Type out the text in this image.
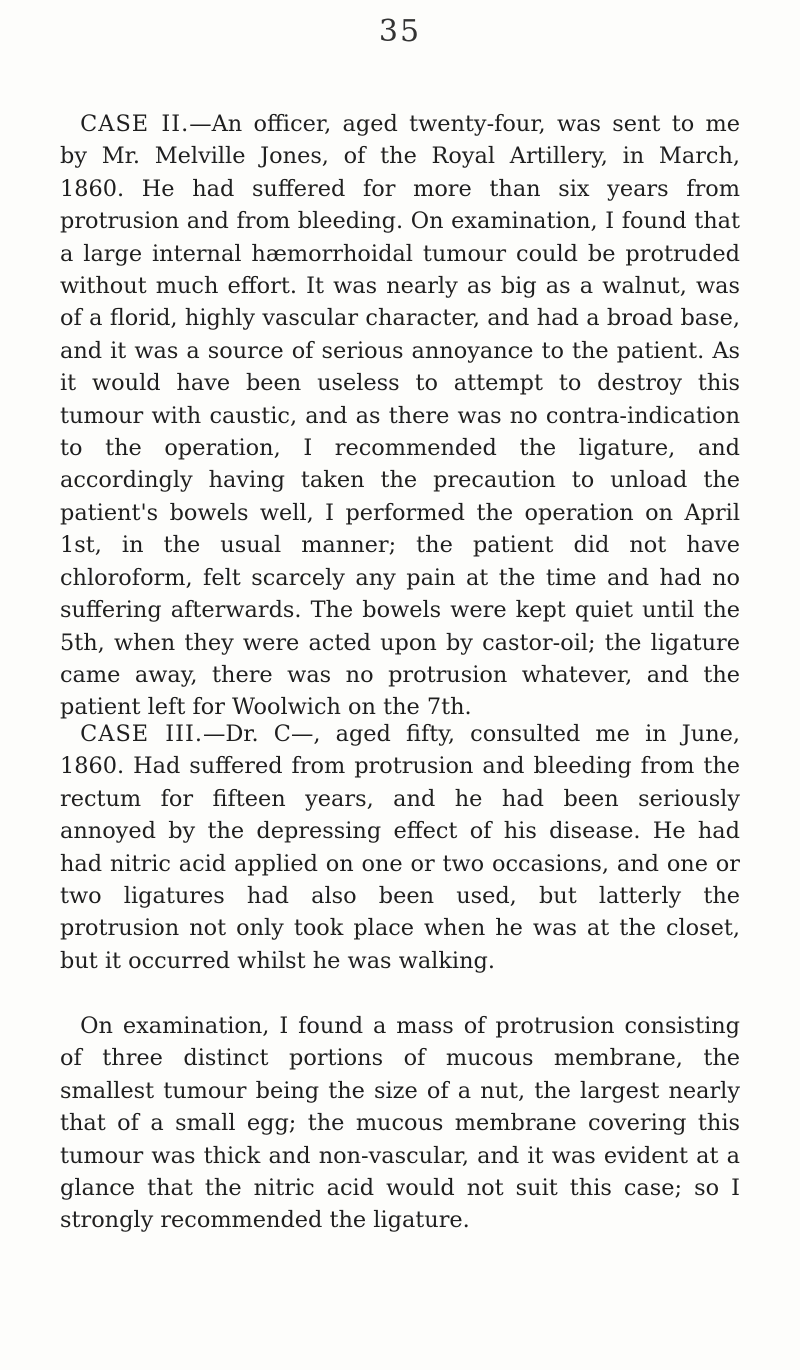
35

CASE II.—An officer, aged twenty-four, was sent to me by Mr. Melville Jones, of the Royal Artillery, in March, 1860. He had suffered for more than six years from protrusion and from bleeding. On examination, I found that a large internal hæmorrhoidal tumour could be protruded without much effort. It was nearly as big as a walnut, was of a florid, highly vascular character, and had a broad base, and it was a source of serious annoyance to the patient. As it would have been useless to attempt to destroy this tumour with caustic, and as there was no contra-indication to the operation, I recommended the ligature, and accordingly having taken the precaution to unload the patient's bowels well, I performed the operation on April 1st, in the usual manner; the patient did not have chloroform, felt scarcely any pain at the time and had no suffering afterwards. The bowels were kept quiet until the 5th, when they were acted upon by castor-oil; the ligature came away, there was no protrusion whatever, and the patient left for Woolwich on the 7th.

CASE III.—Dr. C—, aged fifty, consulted me in June, 1860. Had suffered from protrusion and bleeding from the rectum for fifteen years, and he had been seriously annoyed by the depressing effect of his disease. He had had nitric acid applied on one or two occasions, and one or two ligatures had also been used, but latterly the protrusion not only took place when he was at the closet, but it occurred whilst he was walking.

On examination, I found a mass of protrusion consisting of three distinct portions of mucous membrane, the smallest tumour being the size of a nut, the largest nearly that of a small egg; the mucous membrane covering this tumour was thick and non-vascular, and it was evident at a glance that the nitric acid would not suit this case; so I strongly recommended the ligature.
